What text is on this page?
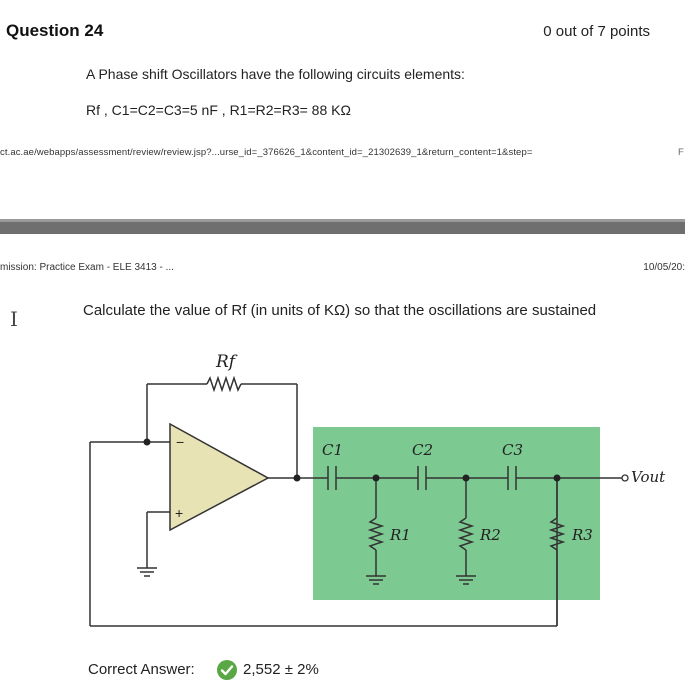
Question 24	0 out of 7 points
A Phase shift Oscillators have the following circuits elements:
Rf , C1=C2=C3=5 nF , R1=R2=R3= 88 KΩ
ct.ac.ae/webapps/assessment/review/review.jsp?...urse_id=_376626_1&content_id=_21302639_1&return_content=1&step=	F
mission: Practice Exam - ELE 3413 - ...	10/05/20:
I	Calculate the value of Rf (in units of KΩ) so that the oscillations are sustained
Rf
C1	C2	C3
R1	R2	R3
Vout
−
+
Correct Answer:	2,552 ± 2%
